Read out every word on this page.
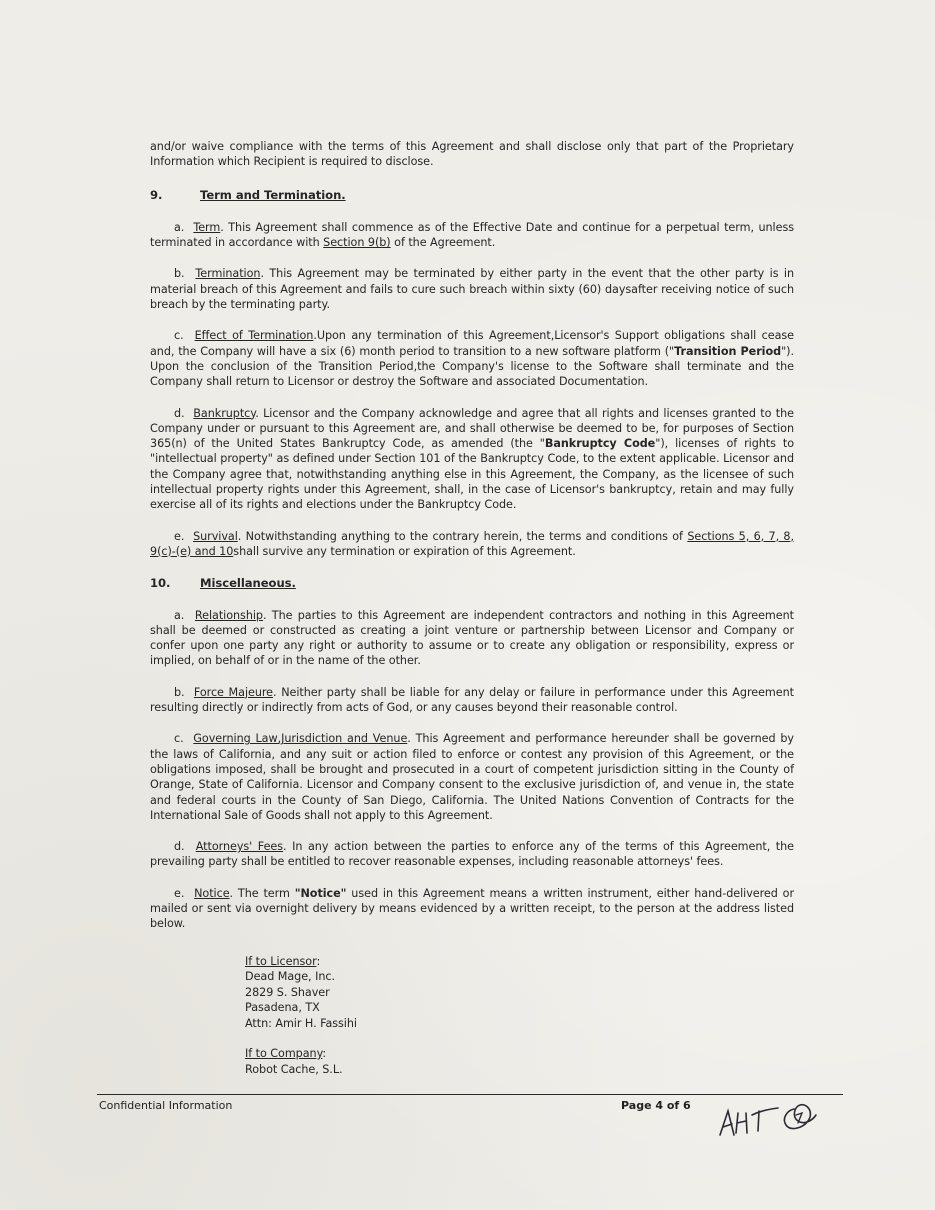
and/or waive compliance with the terms of this Agreement and shall disclose only that part of the Proprietary Information which Recipient is required to disclose.

9.	Term and Termination.

a. Term. This Agreement shall commence as of the Effective Date and continue for a perpetual term, unless terminated in accordance with Section 9(b) of the Agreement.

b. Termination. This Agreement may be terminated by either party in the event that the other party is in material breach of this Agreement and fails to cure such breach within sixty (60) daysafter receiving notice of such breach by the terminating party.

c. Effect of Termination.Upon any termination of this Agreement,Licensor's Support obligations shall cease and, the Company will have a six (6) month period to transition to a new software platform ("Transition Period"). Upon the conclusion of the Transition Period,the Company's license to the Software shall terminate and the Company shall return to Licensor or destroy the Software and associated Documentation.

d. Bankruptcy. Licensor and the Company acknowledge and agree that all rights and licenses granted to the Company under or pursuant to this Agreement are, and shall otherwise be deemed to be, for purposes of Section 365(n) of the United States Bankruptcy Code, as amended (the "Bankruptcy Code"), licenses of rights to "intellectual property" as defined under Section 101 of the Bankruptcy Code, to the extent applicable. Licensor and the Company agree that, notwithstanding anything else in this Agreement, the Company, as the licensee of such intellectual property rights under this Agreement, shall, in the case of Licensor's bankruptcy, retain and may fully exercise all of its rights and elections under the Bankruptcy Code.

e. Survival. Notwithstanding anything to the contrary herein, the terms and conditions of Sections 5, 6, 7, 8, 9(c)-(e) and 10shall survive any termination or expiration of this Agreement.

10.	Miscellaneous.

a. Relationship. The parties to this Agreement are independent contractors and nothing in this Agreement shall be deemed or constructed as creating a joint venture or partnership between Licensor and Company or confer upon one party any right or authority to assume or to create any obligation or responsibility, express or implied, on behalf of or in the name of the other.

b. Force Majeure. Neither party shall be liable for any delay or failure in performance under this Agreement resulting directly or indirectly from acts of God, or any causes beyond their reasonable control.

c. Governing Law,Jurisdiction and Venue. This Agreement and performance hereunder shall be governed by the laws of California, and any suit or action filed to enforce or contest any provision of this Agreement, or the obligations imposed, shall be brought and prosecuted in a court of competent jurisdiction sitting in the County of Orange, State of California. Licensor and Company consent to the exclusive jurisdiction of, and venue in, the state and federal courts in the County of San Diego, California. The United Nations Convention of Contracts for the International Sale of Goods shall not apply to this Agreement.

d. Attorneys' Fees. In any action between the parties to enforce any of the terms of this Agreement, the prevailing party shall be entitled to recover reasonable expenses, including reasonable attorneys' fees.

e. Notice. The term "Notice" used in this Agreement means a written instrument, either hand-delivered or mailed or sent via overnight delivery by means evidenced by a written receipt, to the person at the address listed below.

If to Licensor:
Dead Mage, Inc.
2829 S. Shaver
Pasadena, TX
Attn: Amir H. Fassihi
If to Company:
Robot Cache, S.L.
Confidential Information	Page 4 of 6
